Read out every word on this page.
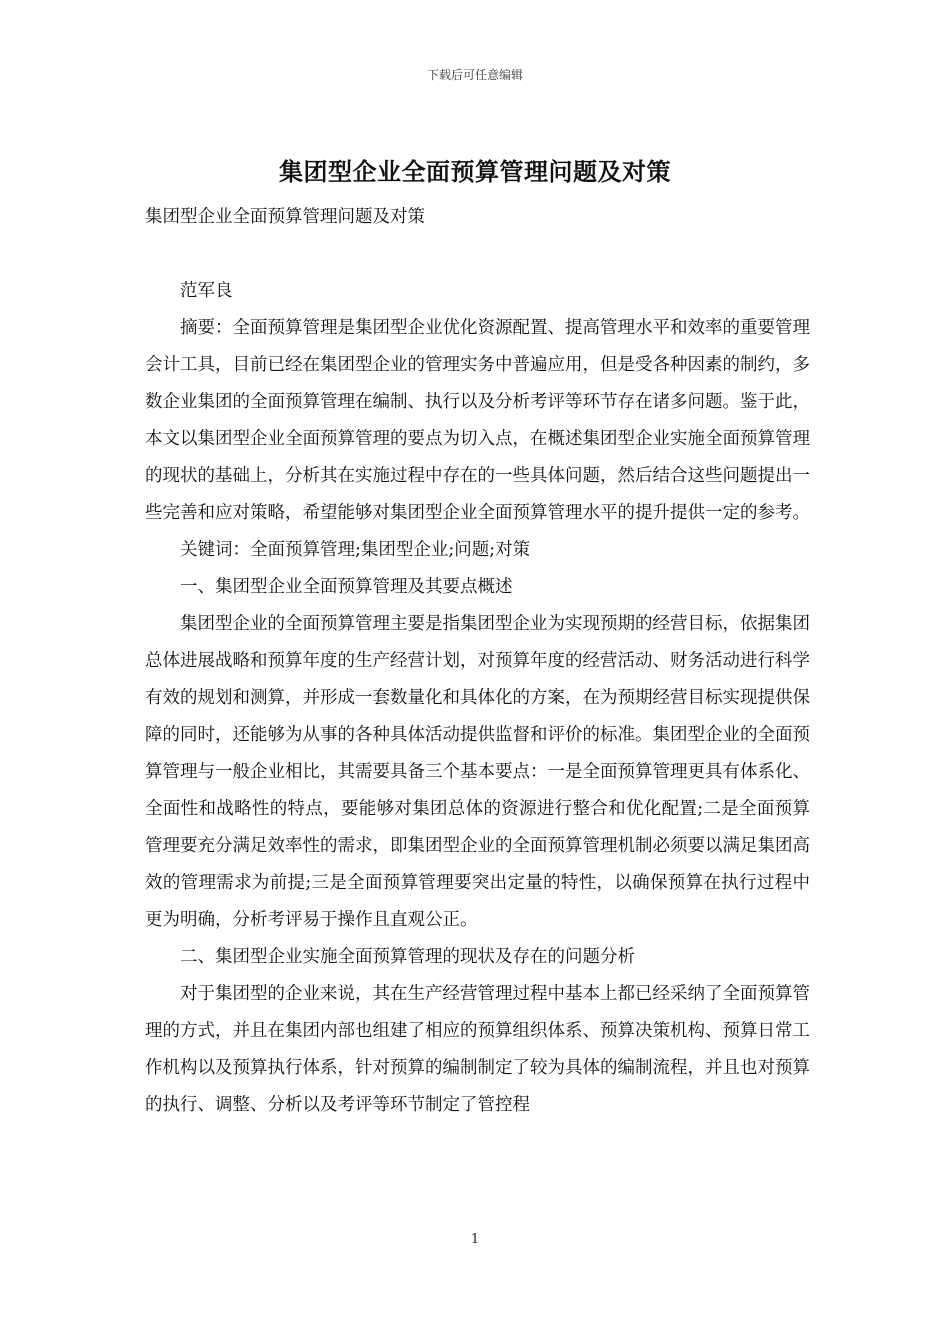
下载后可任意编辑
集团型企业全面预算管理问题及对策

集团型企业全面预算管理问题及对策

范军良

摘要：全面预算管理是集团型企业优化资源配置、提高管理水平和效率的重要管理会计工具，目前已经在集团型企业的管理实务中普遍应用，但是受各种因素的制约，多数企业集团的全面预算管理在编制、执行以及分析考评等环节存在诸多问题。鉴于此，本文以集团型企业全面预算管理的要点为切入点，在概述集团型企业实施全面预算管理的现状的基础上，分析其在实施过程中存在的一些具体问题，然后结合这些问题提出一些完善和应对策略，希望能够对集团型企业全面预算管理水平的提升提供一定的参考。

关键词：全面预算管理;集团型企业;问题;对策

一、集团型企业全面预算管理及其要点概述

集团型企业的全面预算管理主要是指集团型企业为实现预期的经营目标，依据集团总体进展战略和预算年度的生产经营计划，对预算年度的经营活动、财务活动进行科学有效的规划和测算，并形成一套数量化和具体化的方案，在为预期经营目标实现提供保障的同时，还能够为从事的各种具体活动提供监督和评价的标准。集团型企业的全面预算管理与一般企业相比，其需要具备三个基本要点：一是全面预算管理更具有体系化、全面性和战略性的特点，要能够对集团总体的资源进行整合和优化配置;二是全面预算管理要充分满足效率性的需求，即集团型企业的全面预算管理机制必须要以满足集团高效的管理需求为前提;三是全面预算管理要突出定量的特性，以确保预算在执行过程中更为明确，分析考评易于操作且直观公正。

二、集团型企业实施全面预算管理的现状及存在的问题分析

对于集团型的企业来说，其在生产经营管理过程中基本上都已经采纳了全面预算管理的方式，并且在集团内部也组建了相应的预算组织体系、预算决策机构、预算日常工作机构以及预算执行体系，针对预算的编制制定了较为具体的编制流程，并且也对预算的执行、调整、分析以及考评等环节制定了管控程

1
